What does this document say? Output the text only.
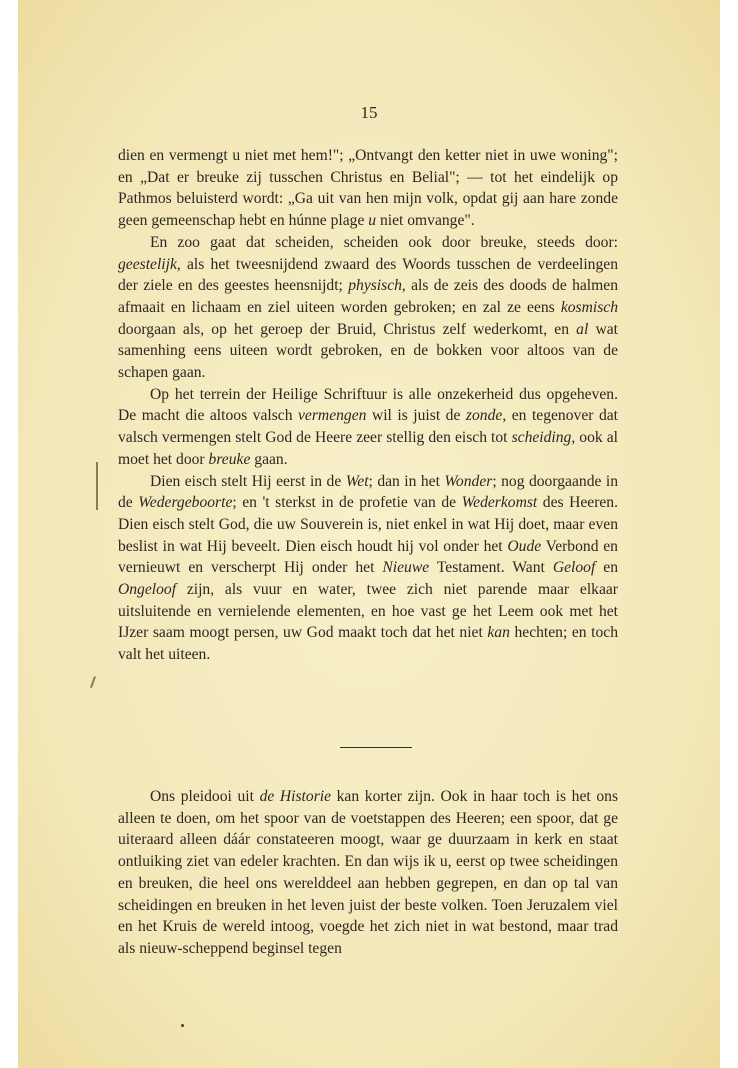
15

dien en vermengt u niet met hem!"; „Ontvangt den ketter niet in uwe woning"; en „Dat er breuke zij tusschen Christus en Belial"; — tot het eindelijk op Pathmos beluisterd wordt: „Ga uit van hen mijn volk, opdat gij aan hare zonde geen gemeenschap hebt en húnne plage u niet omvange".

En zoo gaat dat scheiden, scheiden ook door breuke, steeds door: geestelijk, als het tweesnijdend zwaard des Woords tusschen de verdeelingen der ziele en des geestes heensnijdt; physisch, als de zeis des doods de halmen afmaait en lichaam en ziel uiteen worden gebroken; en zal ze eens kosmisch doorgaan als, op het geroep der Bruid, Christus zelf wederkomt, en al wat samenhing eens uiteen wordt gebroken, en de bokken voor altoos van de schapen gaan.

Op het terrein der Heilige Schriftuur is alle onzekerheid dus opgeheven. De macht die altoos valsch vermengen wil is juist de zonde, en tegenover dat valsch vermengen stelt God de Heere zeer stellig den eisch tot scheiding, ook al moet het door breuke gaan.

Dien eisch stelt Hij eerst in de Wet; dan in het Wonder; nog doorgaande in de Wedergeboorte; en 't sterkst in de profetie van de Wederkomst des Heeren. Dien eisch stelt God, die uw Souverein is, niet enkel in wat Hij doet, maar even beslist in wat Hij beveelt. Dien eisch houdt hij vol onder het Oude Verbond en vernieuwt en verscherpt Hij onder het Nieuwe Testament. Want Geloof en Ongeloof zijn, als vuur en water, twee zich niet parende maar elkaar uitsluitende en vernielende elementen, en hoe vast ge het Leem ook met het IJzer saam moogt persen, uw God maakt toch dat het niet kan hechten; en toch valt het uiteen.

Ons pleidooi uit de Historie kan korter zijn. Ook in haar toch is het ons alleen te doen, om het spoor van de voetstappen des Heeren; een spoor, dat ge uiteraard alleen dáár constateeren moogt, waar ge duurzaam in kerk en staat ontluiking ziet van edeler krachten. En dan wijs ik u, eerst op twee scheidingen en breuken, die heel ons werelddeel aan hebben gegrepen, en dan op tal van scheidingen en breuken in het leven juist der beste volken. Toen Jeruzalem viel en het Kruis de wereld intoog, voegde het zich niet in wat bestond, maar trad als nieuw-scheppend beginsel tegen
